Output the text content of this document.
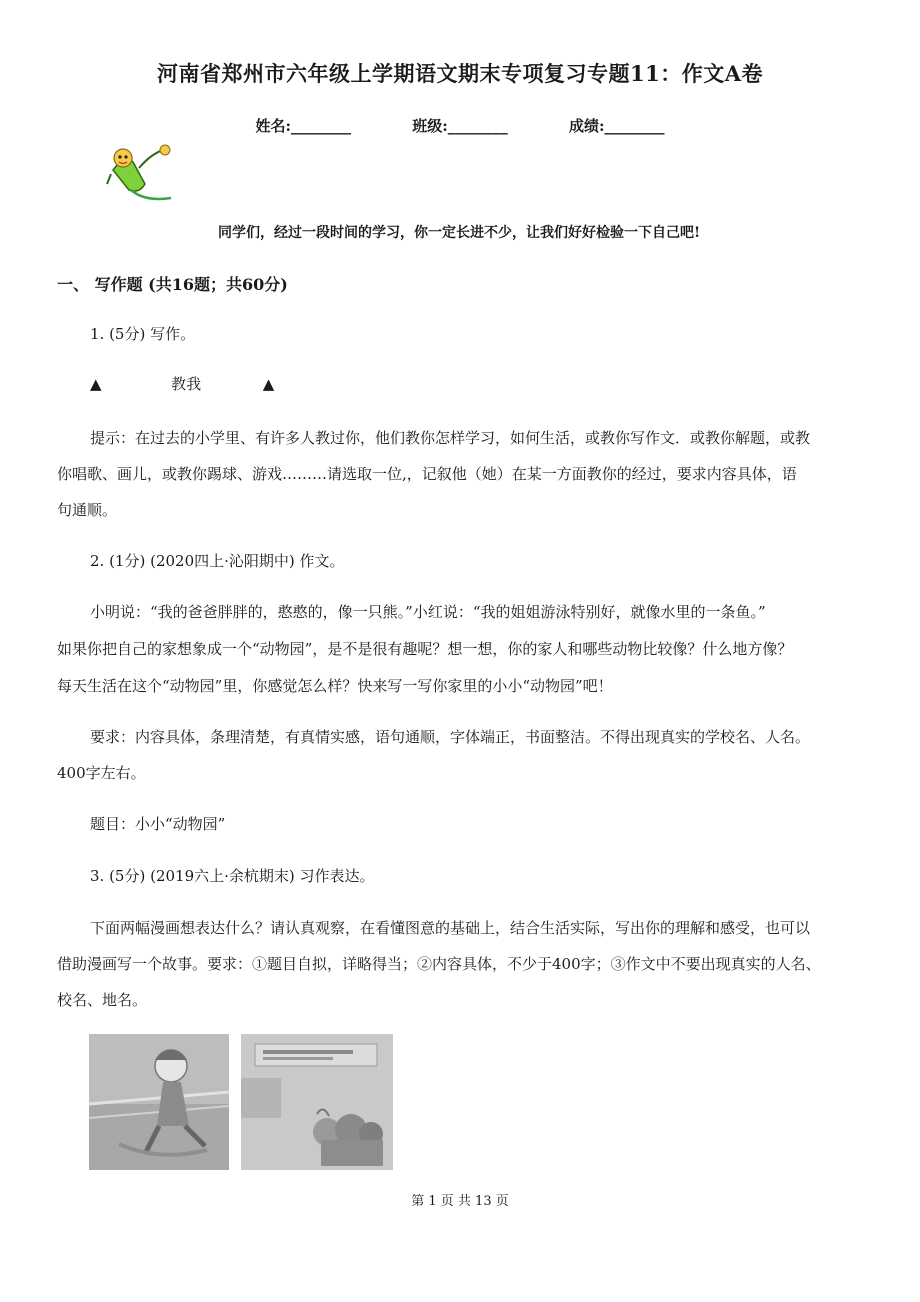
河南省郑州市六年级上学期语文期末专项复习专题11：作文A卷
姓名:________	班级:________	成绩:________
同学们，经过一段时间的学习，你一定长进不少，让我们好好检验一下自己吧!
一、 写作题 (共16题；共60分)
1. (5分) 写作。
▲	教我	▲
提示：在过去的小学里、有许多人教过你，他们教你怎样学习，如何生活，或教你写作文．或教你解题，或教
你唱歌、画儿，或教你踢球、游戏………请选取一位,，记叙他（她）在某一方面教你的经过，要求内容具体，语
句通顺。
2. (1分) (2020四上·沁阳期中) 作文。
小明说：“我的爸爸胖胖的，憨憨的，像一只熊。”小红说：“我的姐姐游泳特别好，就像水里的一条鱼。”
如果你把自己的家想象成一个“动物园”，是不是很有趣呢？想一想，你的家人和哪些动物比较像？什么地方像？
每天生活在这个“动物园”里，你感觉怎么样？快来写一写你家里的小小“动物园”吧！
要求：内容具体，条理清楚，有真情实感，语句通顺，字体端正，书面整洁。不得出现真实的学校名、人名。
400字左右。
题目：小小“动物园”
3. (5分) (2019六上·余杭期末) 习作表达。
下面两幅漫画想表达什么？请认真观察，在看懂图意的基础上，结合生活实际，写出你的理解和感受，也可以
借助漫画写一个故事。要求：①题目自拟，详略得当；②内容具体，不少于400字；③作文中不要出现真实的人名、
校名、地名。
第 1 页 共 13 页
